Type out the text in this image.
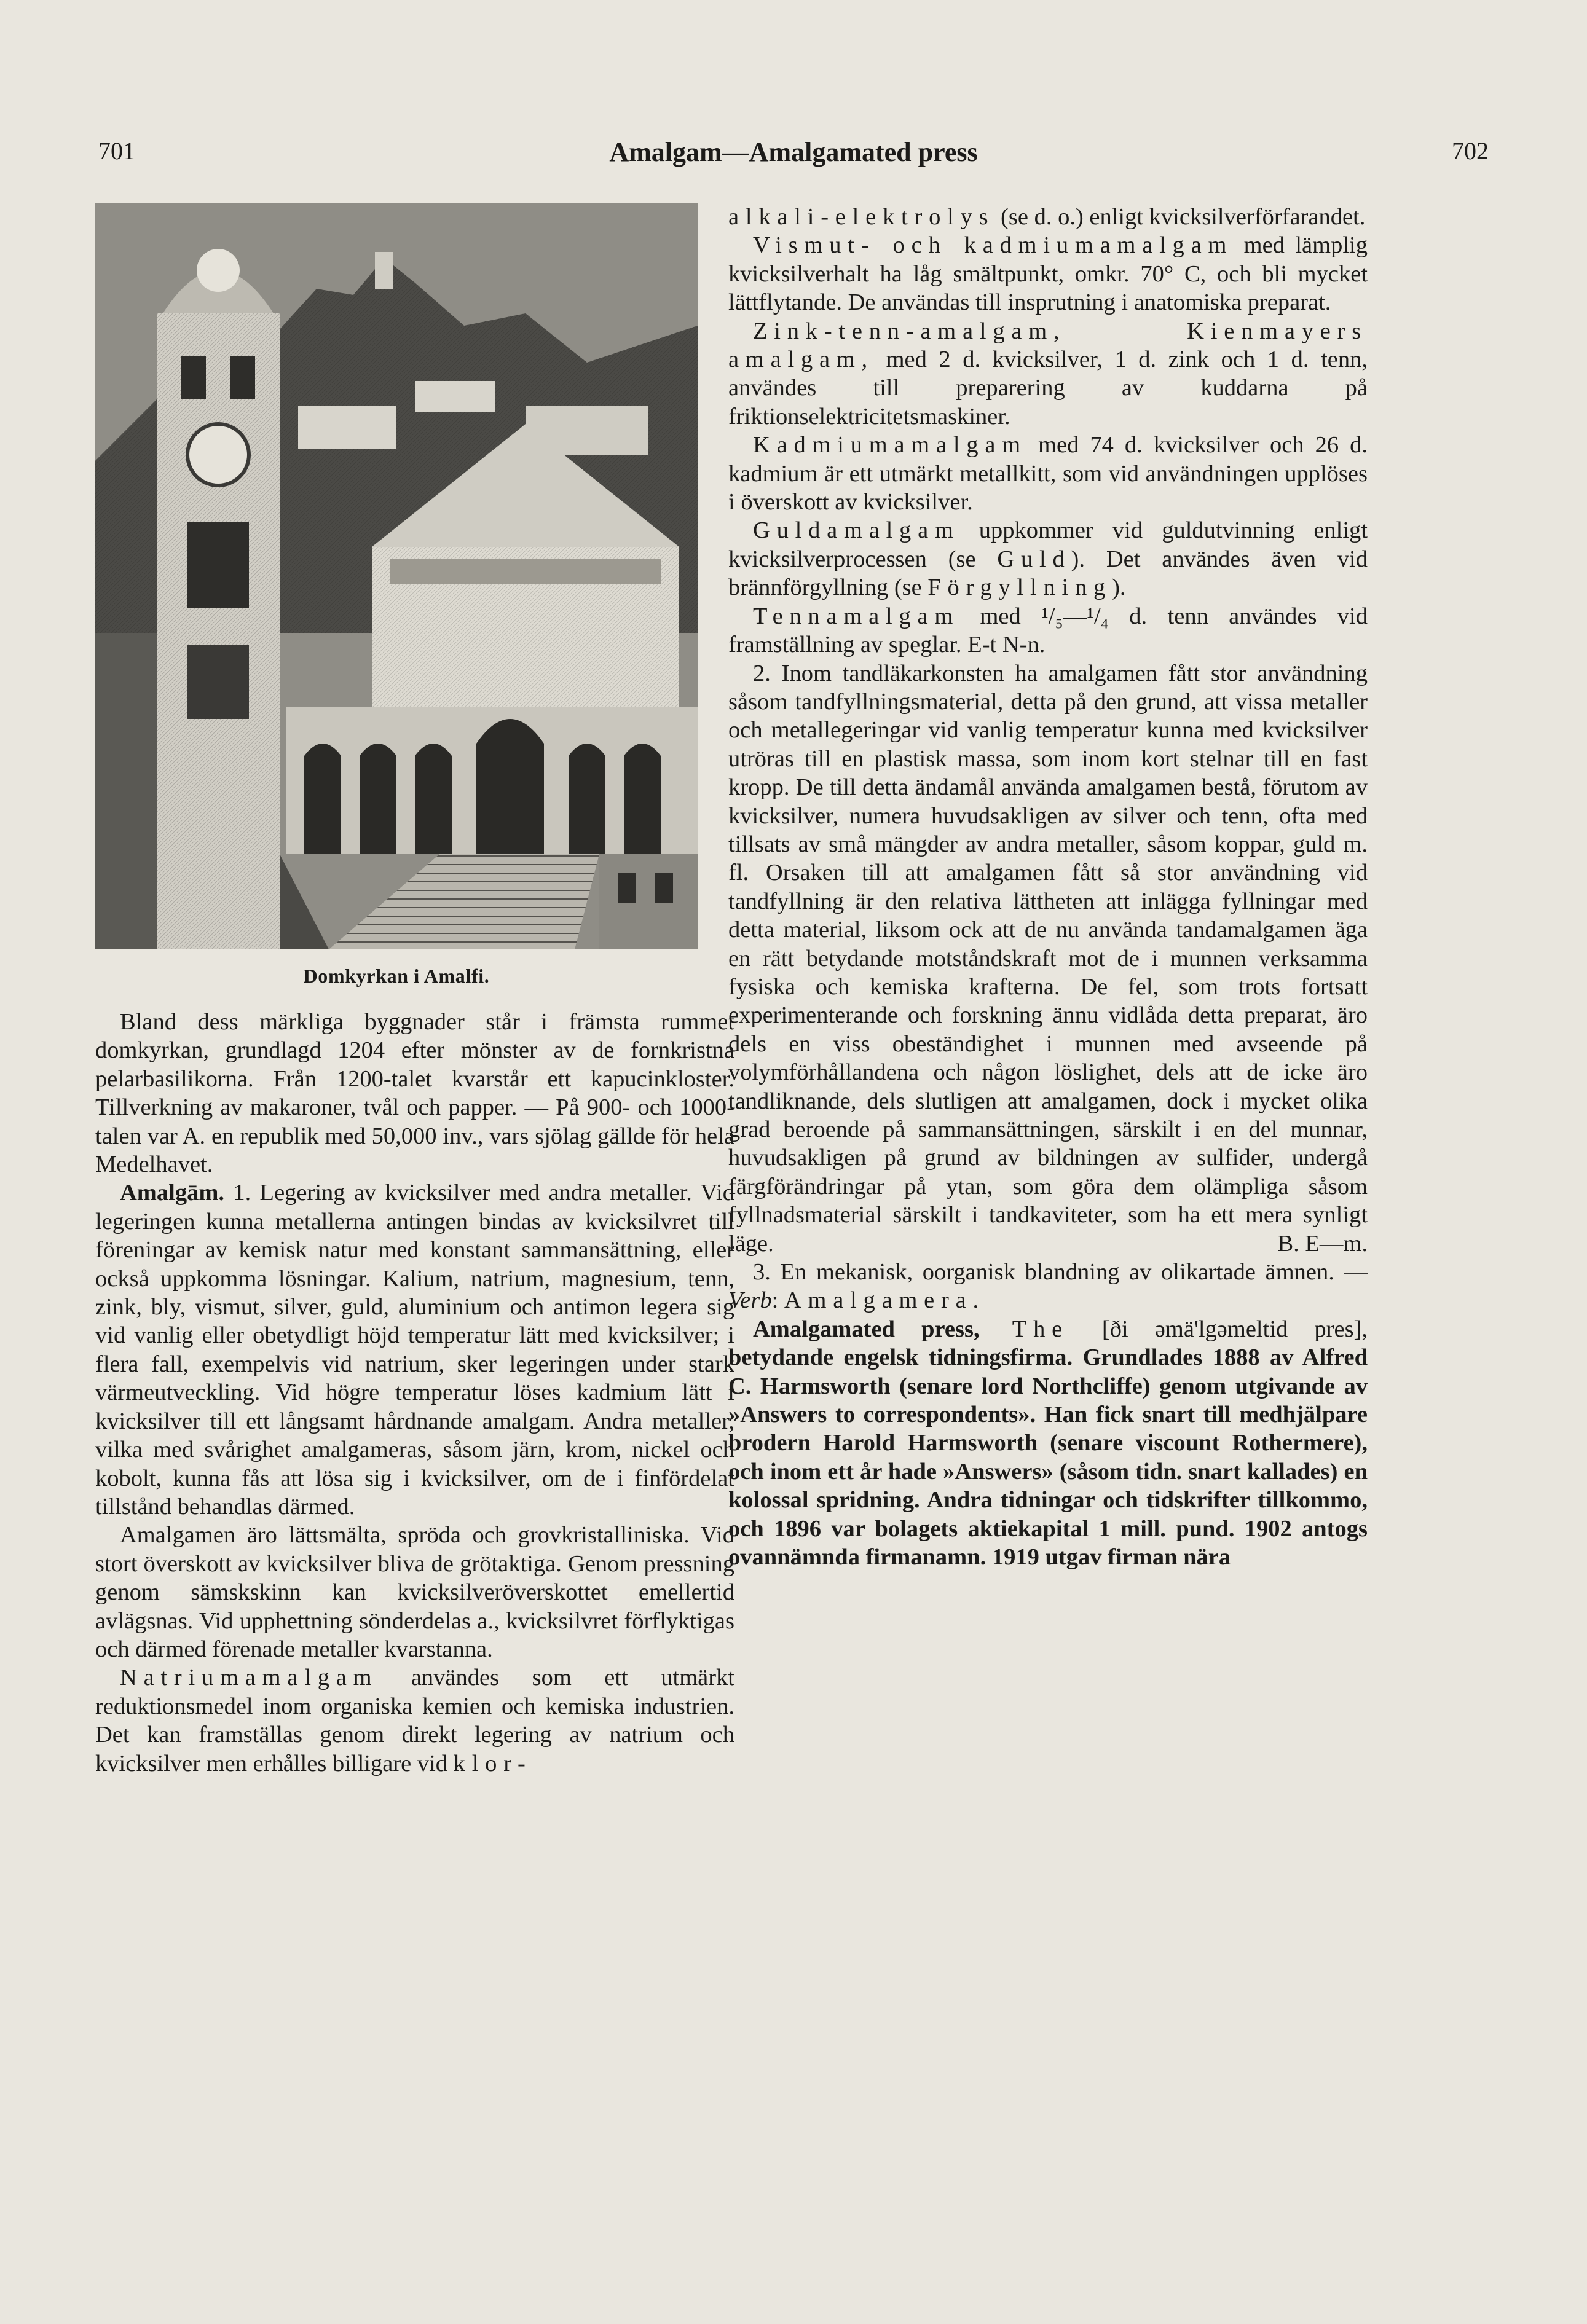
701	Amalgam—Amalgamated press	702
Domkyrkan i Amalfi.

Bland dess märkliga byggnader står i främsta rummet domkyrkan, grundlagd 1204 efter mönster av de fornkristna pelarbasilikorna. Från 1200-talet kvarstår ett kapucinkloster. Tillverkning av makaroner, tvål och papper. — På 900- och 1000-talen var A. en republik med 50,000 inv., vars sjölag gällde för hela Medelhavet.

Amalgām. 1. Legering av kvicksilver med andra metaller. Vid legeringen kunna metallerna antingen bindas av kvicksilvret till föreningar av kemisk natur med konstant sammansättning, eller också uppkomma lösningar. Kalium, natrium, magnesium, tenn, zink, bly, vismut, silver, guld, aluminium och antimon legera sig vid vanlig eller obetydligt höjd temperatur lätt med kvicksilver; i flera fall, exempelvis vid natrium, sker legeringen under stark värmeutveckling. Vid högre temperatur löses kadmium lätt i kvicksilver till ett långsamt hårdnande amalgam. Andra metaller, vilka med svårighet amalgameras, såsom järn, krom, nickel och kobolt, kunna fås att lösa sig i kvicksilver, om de i finfördelat tillstånd behandlas därmed.

Amalgamen äro lättsmälta, spröda och grovkristalliniska. Vid stort överskott av kvicksilver bliva de grötaktiga. Genom pressning genom sämskskinn kan kvicksilveröverskottet emellertid avlägsnas. Vid upphettning sönderdelas a., kvicksilvret förflyktigas och därmed förenade metaller kvarstanna.

Natriumamalgam användes som ett utmärkt reduktionsmedel inom organiska kemien och kemiska industrien. Det kan framställas genom direkt legering av natrium och kvicksilver men erhålles billigare vid klor-

alkali-elektrolys (se d. o.) enligt kvicksilverförfarandet.

Vismut- och kadmiumamalgam med lämplig kvicksilverhalt ha låg smältpunkt, omkr. 70° C, och bli mycket lättflytande. De användas till insprutning i anatomiska preparat.

Zink-tenn-amalgam, Kienmayers amalgam, med 2 d. kvicksilver, 1 d. zink och 1 d. tenn, användes till preparering av kuddarna på friktionselektricitetsmaskiner.

Kadmiumamalgam med 74 d. kvicksilver och 26 d. kadmium är ett utmärkt metallkitt, som vid användningen upplöses i överskott av kvicksilver.

Guldamalgam uppkommer vid guldutvinning enligt kvicksilverprocessen (se Guld). Det användes även vid brännförgyllning (se Förgyllning).

Tennamalgam med ¹/₅—¹/₄ d. tenn användes vid framställning av speglar. E-t N-n.

2. Inom tandläkarkonsten ha amalgamen fått stor användning såsom tandfyllningsmaterial, detta på den grund, att vissa metaller och metallegeringar vid vanlig temperatur kunna med kvicksilver utröras till en plastisk massa, som inom kort stelnar till en fast kropp. De till detta ändamål använda amalgamen bestå, förutom av kvicksilver, numera huvudsakligen av silver och tenn, ofta med tillsats av små mängder av andra metaller, såsom koppar, guld m. fl. Orsaken till att amalgamen fått så stor användning vid tandfyllning är den relativa lättheten att inlägga fyllningar med detta material, liksom ock att de nu använda tandamalgamen äga en rätt betydande motståndskraft mot de i munnen verksamma fysiska och kemiska krafterna. De fel, som trots fortsatt experimenterande och forskning ännu vidlåda detta preparat, äro dels en viss obeständighet i munnen med avseende på volymförhållandena och någon löslighet, dels att de icke äro tandliknande, dels slutligen att amalgamen, dock i mycket olika grad beroende på sammansättningen, särskilt i en del munnar, huvudsakligen på grund av bildningen av sulfider, undergå färgförändringar på ytan, som göra dem olämpliga såsom fyllnadsmaterial särskilt i tandkaviteter, som ha ett mera synligt läge.	B. E—m.

3. En mekanisk, oorganisk blandning av olikartade ämnen. — Verb: Amalgamera.

Amalgamated press, The [ði əmä'lgəmeltid pres], betydande engelsk tidningsfirma. Grundlades 1888 av Alfred C. Harmsworth (senare lord Northcliffe) genom utgivande av »Answers to correspondents». Han fick snart till medhjälpare brodern Harold Harmsworth (senare viscount Rothermere), och inom ett år hade »Answers» (såsom tidn. snart kallades) en kolossal spridning. Andra tidningar och tidskrifter tillkommo, och 1896 var bolagets aktiekapital 1 mill. pund. 1902 antogs ovannämnda firmanamn. 1919 utgav firman nära
